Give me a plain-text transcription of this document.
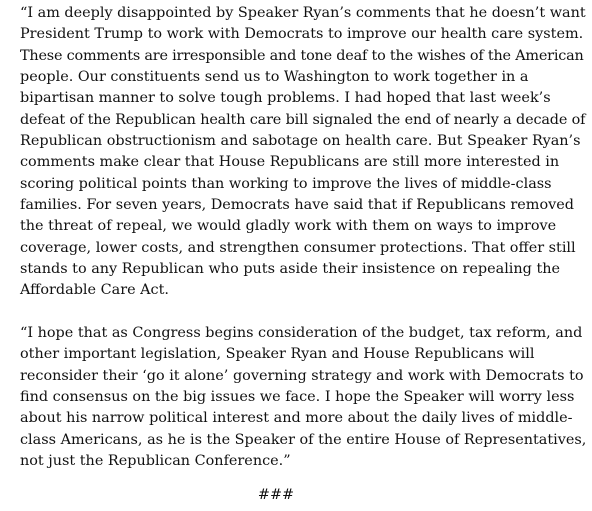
“I am deeply disappointed by Speaker Ryan’s comments that he doesn’t want
President Trump to work with Democrats to improve our health care system.
These comments are irresponsible and tone deaf to the wishes of the American
people. Our constituents send us to Washington to work together in a
bipartisan manner to solve tough problems. I had hoped that last week’s
defeat of the Republican health care bill signaled the end of nearly a decade of
Republican obstructionism and sabotage on health care. But Speaker Ryan’s
comments make clear that House Republicans are still more interested in
scoring political points than working to improve the lives of middle-class
families. For seven years, Democrats have said that if Republicans removed
the threat of repeal, we would gladly work with them on ways to improve
coverage, lower costs, and strengthen consumer protections. That offer still
stands to any Republican who puts aside their insistence on repealing the
Affordable Care Act.
“I hope that as Congress begins consideration of the budget, tax reform, and
other important legislation, Speaker Ryan and House Republicans will
reconsider their ‘go it alone’ governing strategy and work with Democrats to
find consensus on the big issues we face. I hope the Speaker will worry less
about his narrow political interest and more about the daily lives of middle-
class Americans, as he is the Speaker of the entire House of Representatives,
not just the Republican Conference.”
###
